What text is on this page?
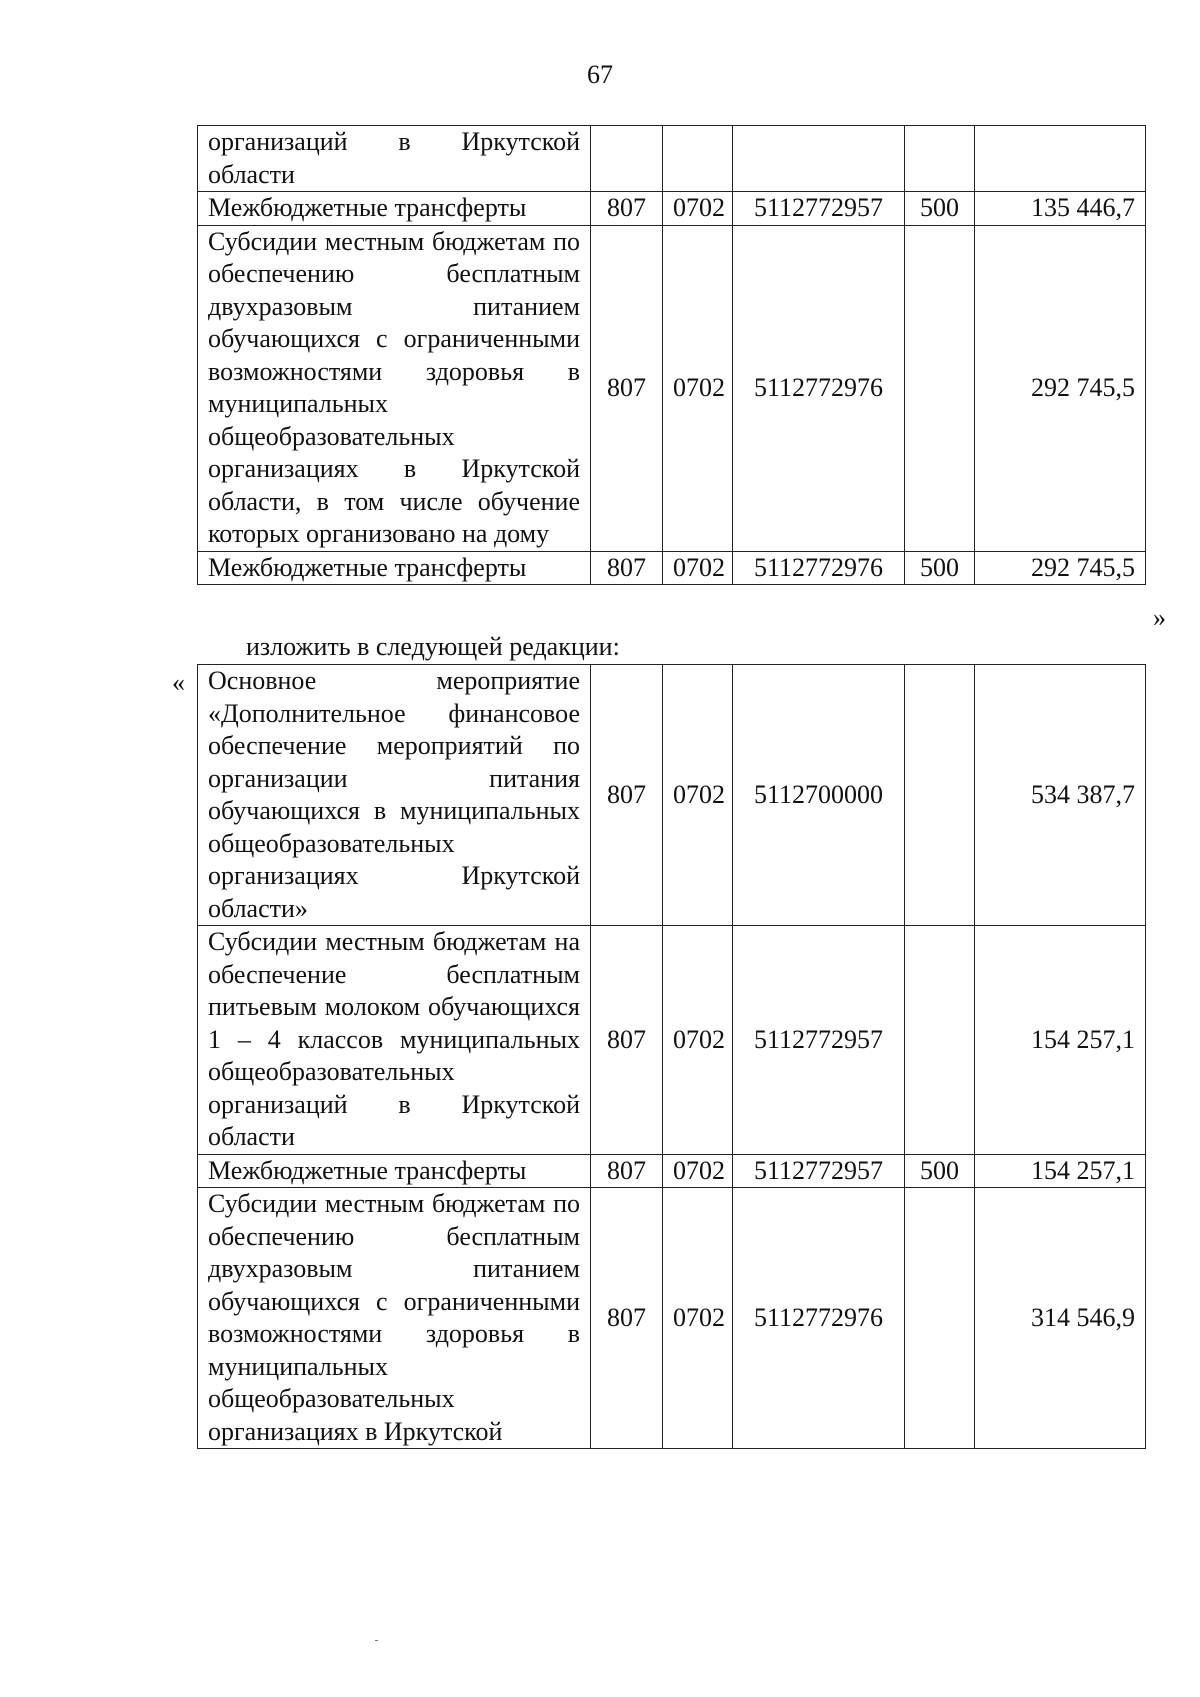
67
организаций в Иркутской области					
Межбюджетные трансферты	807	0702	5112772957	500	135 446,7
Субсидии местным бюджетам по обеспечению бесплатным двухразовым питанием обучающихся с ограниченными возможностями здоровья в муниципальных общеобразовательных организациях в Иркутской области, в том числе обучение которых организовано на дому	807	0702	5112772976		292 745,5
Межбюджетные трансферты	807	0702	5112772976	500	292 745,5
»
изложить в следующей редакции:
« Основное мероприятие «Дополнительное финансовое обеспечение мероприятий по организации питания обучающихся в муниципальных общеобразовательных организациях Иркутской области»	807	0702	5112700000		534 387,7
Субсидии местным бюджетам на обеспечение бесплатным питьевым молоком обучающихся 1 – 4 классов муниципальных общеобразовательных организаций в Иркутской области	807	0702	5112772957		154 257,1
Межбюджетные трансферты	807	0702	5112772957	500	154 257,1
Субсидии местным бюджетам по обеспечению бесплатным двухразовым питанием обучающихся с ограниченными возможностями здоровья в муниципальных общеобразовательных организациях в Иркутской	807	0702	5112772976		314 546,9
